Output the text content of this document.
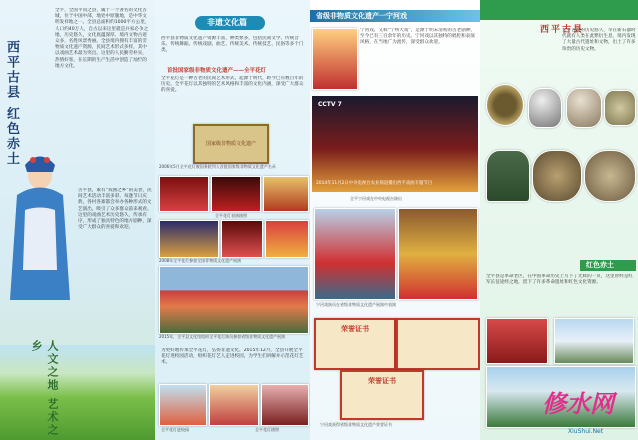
西平古县 红色赤土
全平，全国平顶之县，属于一个著名的文化古城，位于中国中部，地处中原腹地，是中华文明发祥地之一。全县总面积约1000平方公里，人口约40万人，自古以来这里就是兵家必争之地，历史悠久，文化底蕴深厚，境内文物古迹众多，名胜风景秀丽。全县境内拥有丰富的非物质文化遗产资源，民间艺术形式多样，其中以戏曲艺术最为突出。这里的人民勤劳朴实，热情好客，在长期的生产生活中创造了灿烂的地方文化。
古平县，素有“戏曲之乡”的美誉，民间艺术活动丰富多彩，每逢节日庆典，各村各寨都会举办各种形式的文艺演出，吸引了众多群众前来观看。这里的戏曲艺术历史悠久，传承有序，形成了独具特色的地方剧种，深受广大群众的喜爱和欢迎。
人文之地 艺术之乡
非遗文化篇
西平县非物质文化遗产资源丰富，种类繁多，包括民间文学、传统音乐、传统舞蹈、传统戏剧、曲艺、传统美术、传统技艺、民俗等多个门类。
首批国家级非物质文化遗产——全平花灯
全平花灯是一种古老的民间艺术形式，起源于明代，距今已有数百年的历史。全平花灯以其独特的艺术风格和丰富的文化内涵，深受广大群众的喜爱。
国家级非物质文化遗产
2006年5月全平花灯被国务院列入首批国家级非物质文化遗产名录
全平花灯表演剧照
2008年全平花灯参加全国非物质文化遗产展演
2015年，全平县文化馆组织全平花灯演员参加省级非物质文化遗产展演
为更好地传承全平花灯，弘扬非遗文化，2015年12月，全县开展全平花灯进校园活动，组织花灯艺人走进校园，为学生们讲解并示范花灯艺术。
全平花灯进校园	全平花灯剧照
省级非物质文化遗产一宁河戏
宁河戏，又称“宁州大戏”，是源于明末清初的古老剧种，至今已有三百余年的历史。宁河戏以其独特的唱腔和表演风格，在当地广为流传，深受群众欢迎。
CCTV 7
2014年11月2日中央电视台农业频道播出西平戏曲专题节目
全平宁河戏在中央电视台演出
宁河戏演员在省级非物质文化遗产展演中表演
荣誉证书
荣誉证书
宁河戏获得省级非物质文化遗产荣誉证书
西平古县
全平古县的历史悠久，早在新石器时代就有人类在此繁衍生息，境内发现了大量古代遗址和文物，出土了许多珍贵的历史文物。
红色赤土
全平县是革命老区，在中国革命历史上写下了光辉的一页，这里曾经是红军长征途经之地，留下了许多革命遗址和红色文化资源。
修水网
XiuShui.Net
